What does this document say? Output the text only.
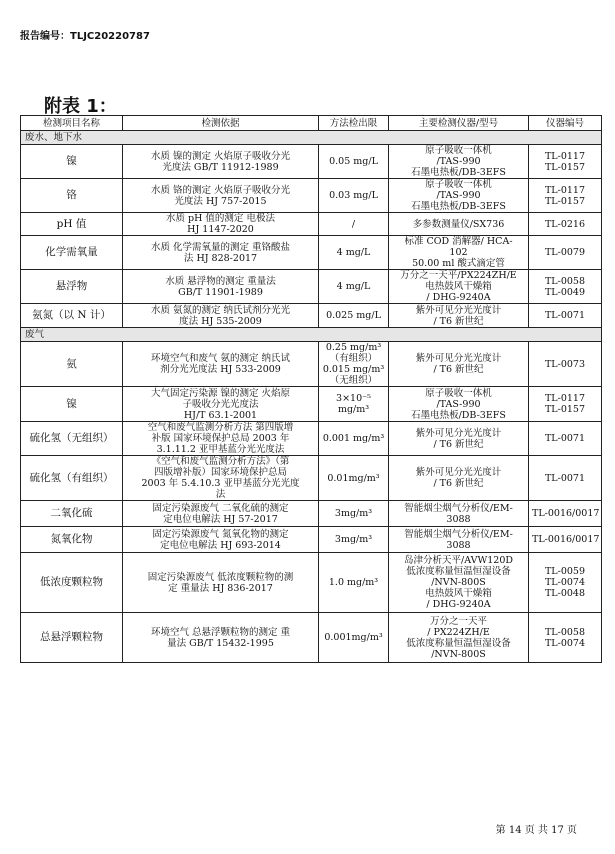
报告编号：TLJC20220787
附表 1：
检测项目名称	检测依据	方法检出限	主要检测仪器/型号	仪器编号
废水、地下水				
镍	水质 镍的测定 火焰原子吸收分光
光度法 GB/T 11912-1989	0.05 mg/L	原子吸收一体机
/TAS-990
石墨电热板/DB-3EFS	TL-0117
TL-0157

铬	水质 铬的测定 火焰原子吸收分光
光度法 HJ 757-2015	0.03 mg/L	原子吸收一体机
/TAS-990
石墨电热板/DB-3EFS	TL-0117
TL-0157

pH 值	水质 pH 值的测定 电极法
HJ 1147-2020	/	多参数测量仪/SX736	TL-0216

化学需氧量	水质 化学需氧量的测定 重铬酸盐
法 HJ 828-2017	4 mg/L	标准 COD 消解器/ HCA-
102
50.00 ml 酸式滴定管	TL-0079

悬浮物	水质 悬浮物的测定 重量法
GB/T 11901-1989	4 mg/L	万分之一天平/PX224ZH/E
电热鼓风干燥箱
/ DHG-9240A	TL-0058
TL-0049

氨氮（以 N 计）	水质 氨氮的测定 纳氏试剂分光光
度法 HJ 535-2009	0.025 mg/L	紫外可见分光光度计
/ T6 新世纪	TL-0071

废气				
氨	环境空气和废气 氨的测定 纳氏试
剂分光光度法 HJ 533-2009	0.25 mg/m³
（有组织）
0.015 mg/m³
（无组织）	紫外可见分光光度计
/ T6 新世纪	TL-0073

镍	大气固定污染源 镍的测定 火焰原
子吸收分光光度法
HJ/T 63.1-2001	3×10⁻⁵
mg/m³	原子吸收一体机
/TAS-990
石墨电热板/DB-3EFS	TL-0117
TL-0157

硫化氢（无组织）	空气和废气监测分析方法 第四版增
补版 国家环境保护总局 2003 年
3.1.11.2 亚甲基蓝分光光度法	0.001 mg/m³	紫外可见分光光度计
/ T6 新世纪	TL-0071

硫化氢（有组织）	《空气和废气监测分析方法》（第
四版增补版）国家环境保护总局
2003 年 5.4.10.3 亚甲基蓝分光光度
法	0.01mg/m³	紫外可见分光光度计
/ T6 新世纪	TL-0071

二氧化硫	固定污染源废气 二氧化硫的测定
定电位电解法 HJ 57-2017	3mg/m³	智能烟尘烟气分析仪/EM-
3088	TL-0016/0017

氮氧化物	固定污染源废气 氮氧化物的测定
定电位电解法 HJ 693-2014	3mg/m³	智能烟尘烟气分析仪/EM-
3088	TL-0016/0017

低浓度颗粒物	固定污染源废气 低浓度颗粒物的测
定 重量法 HJ 836-2017	1.0 mg/m³	岛津分析天平/AVW120D
低浓度称量恒温恒湿设备
/NVN-800S
电热鼓风干燥箱
/ DHG-9240A	TL-0059
TL-0074
TL-0048

总悬浮颗粒物	环境空气 总悬浮颗粒物的测定 重
量法 GB/T 15432-1995	0.001mg/m³	万分之一天平
/ PX224ZH/E
低浓度称量恒温恒湿设备
/NVN-800S	TL-0058
TL-0074
第 14 页 共 17 页
